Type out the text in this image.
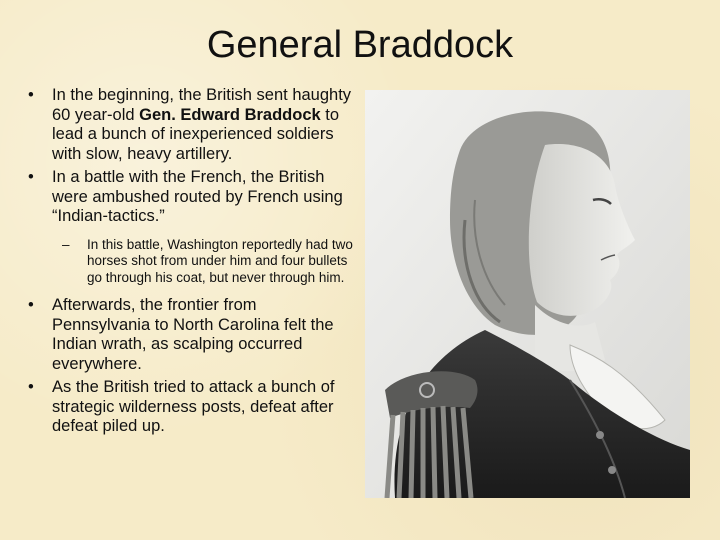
General Braddock
• In the beginning, the British sent haughty 60 year-old Gen. Edward Braddock to lead a bunch of inexperienced soldiers with slow, heavy artillery.
• In a battle with the French, the British were ambushed routed by French using “Indian-tactics.”
–	In this battle, Washington reportedly had two horses shot from under him and four bullets go through his coat, but never through him.
• Afterwards, the frontier from Pennsylvania to North Carolina felt the Indian wrath, as scalping occurred everywhere.
• As the British tried to attack a bunch of strategic wilderness posts, defeat after defeat piled up.
